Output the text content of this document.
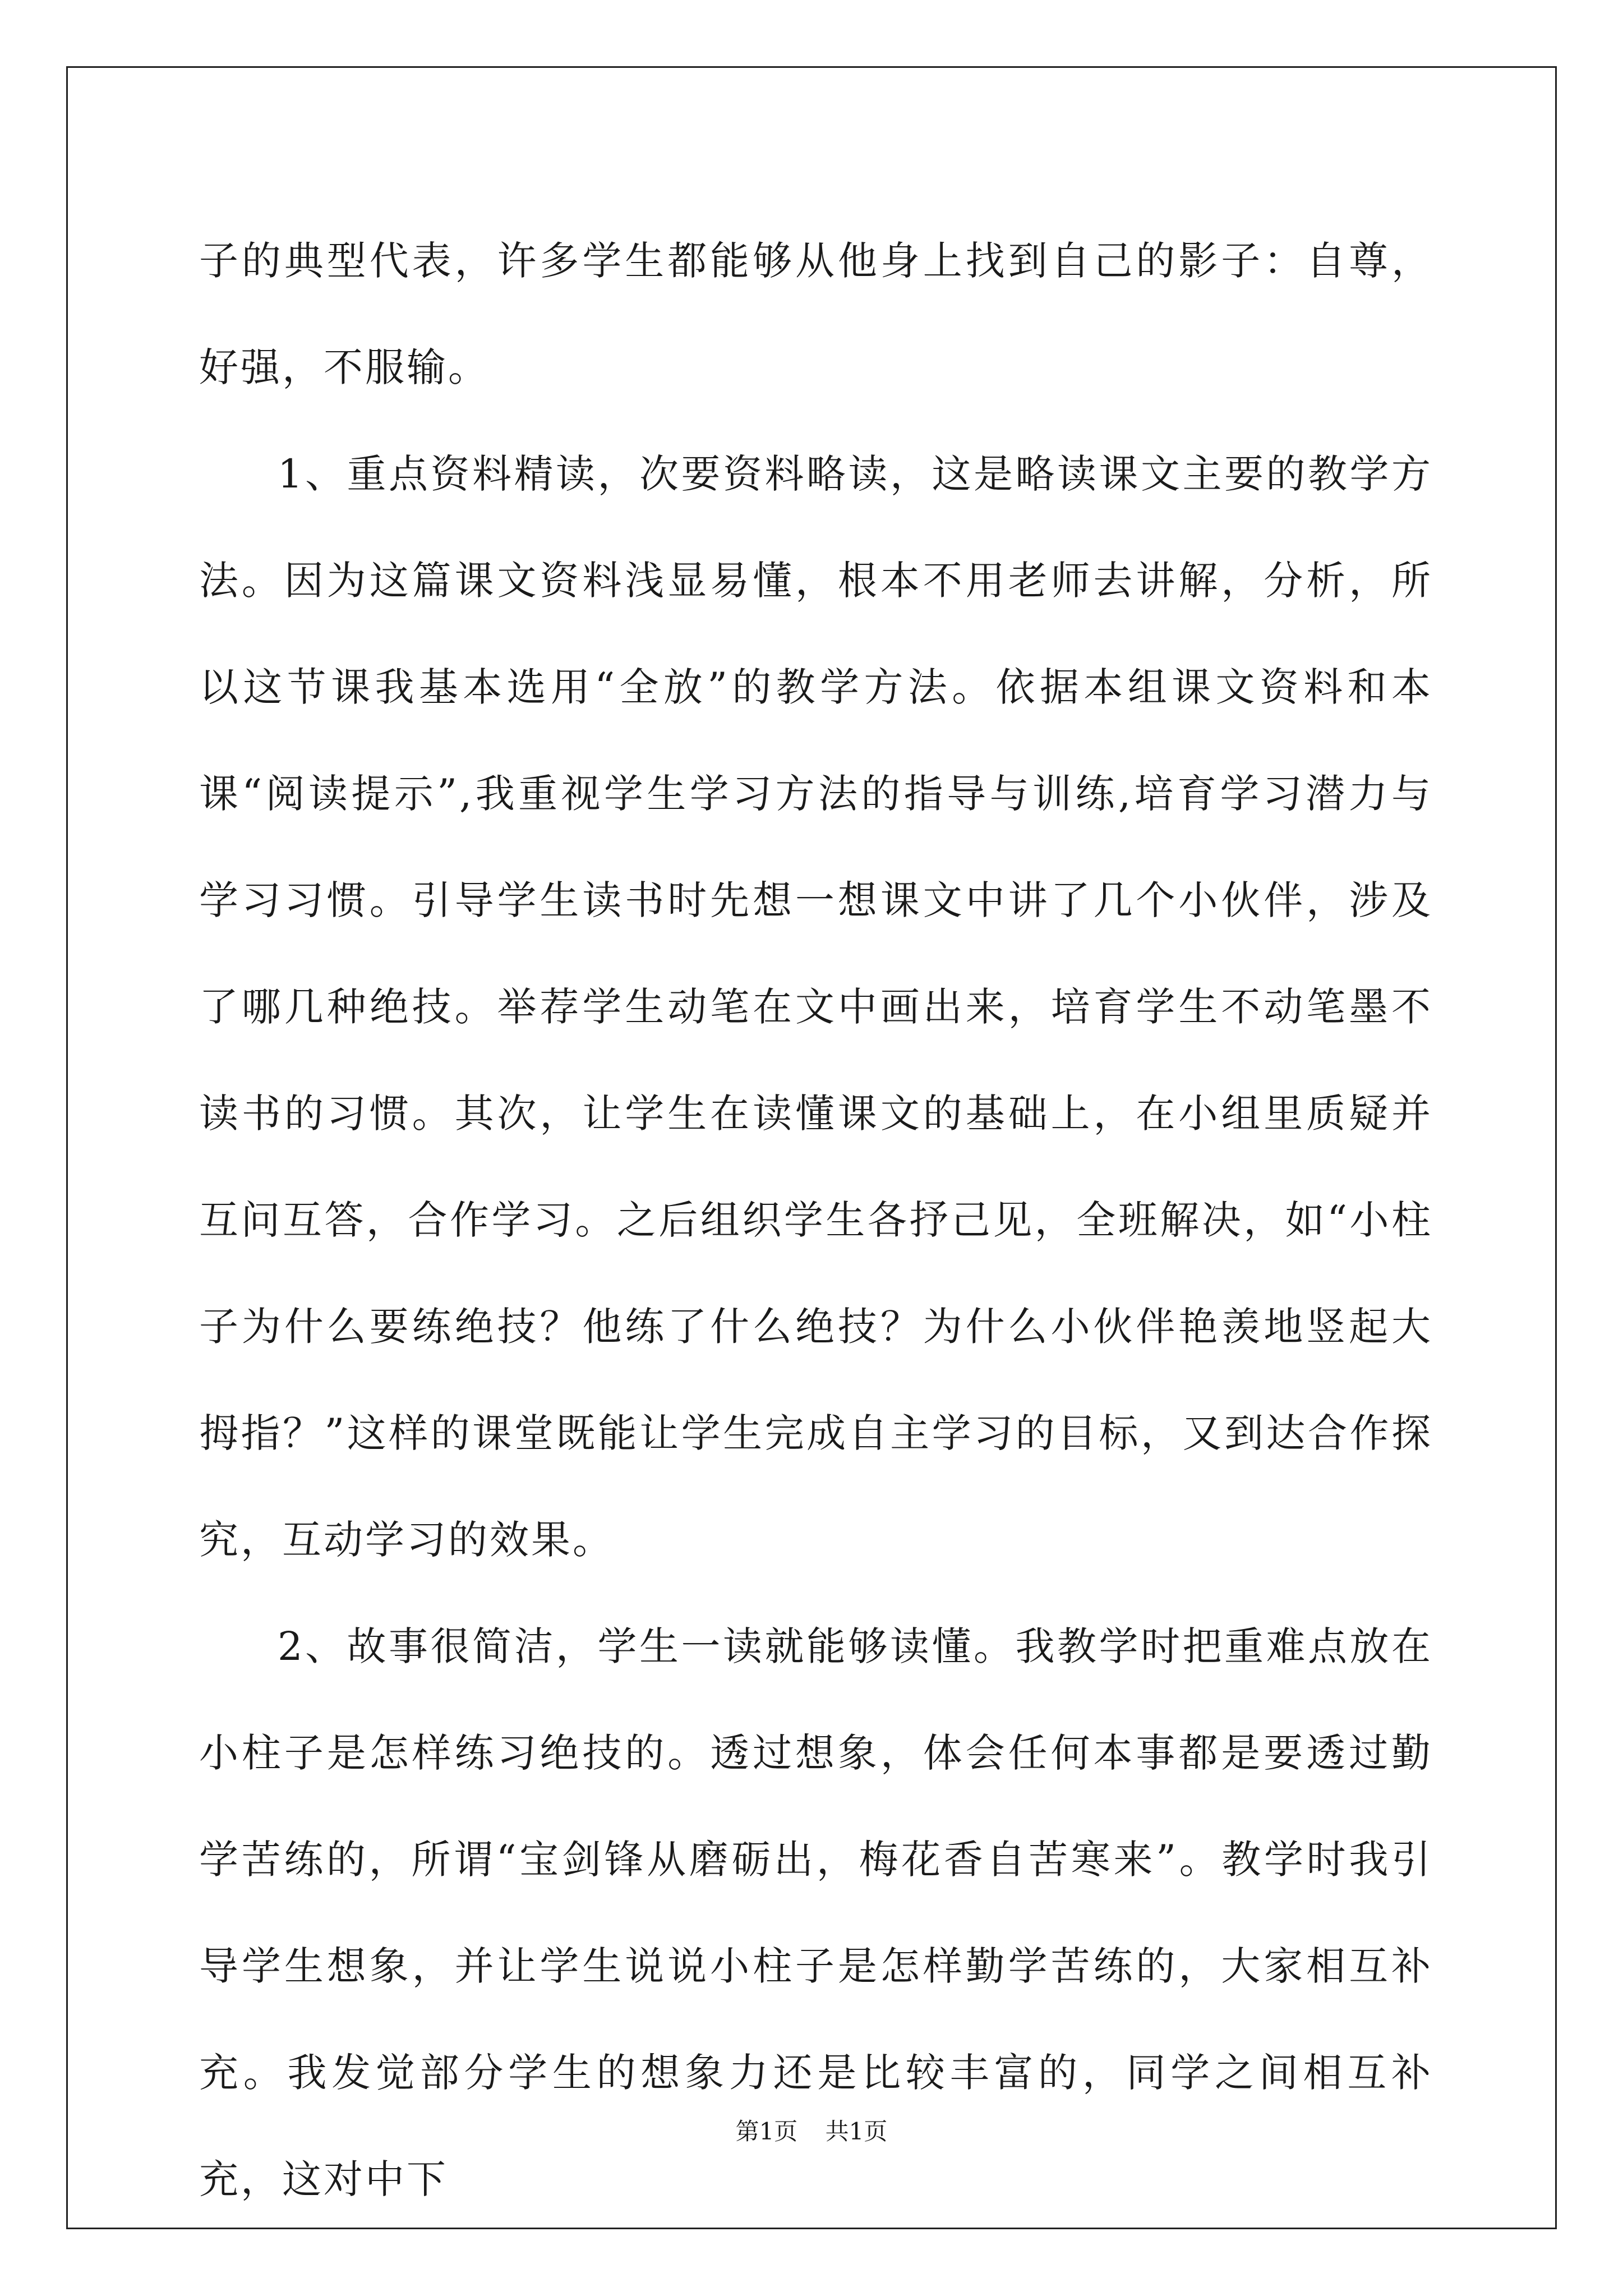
子的典型代表，许多学生都能够从他身上找到自己的影子：自尊，好强，不服输。

1、重点资料精读，次要资料略读，这是略读课文主要的教学方法。因为这篇课文资料浅显易懂，根本不用老师去讲解，分析，所以这节课我基本选用“全放”的教学方法。依据本组课文资料和本课“阅读提示”,我重视学生学习方法的指导与训练,培育学习潜力与学习习惯。引导学生读书时先想一想课文中讲了几个小伙伴，涉及了哪几种绝技。举荐学生动笔在文中画出来，培育学生不动笔墨不读书的习惯。其次，让学生在读懂课文的基础上，在小组里质疑并互问互答，合作学习。之后组织学生各抒己见，全班解决，如“小柱子为什么要练绝技？他练了什么绝技？为什么小伙伴艳羡地竖起大拇指？”这样的课堂既能让学生完成自主学习的目标，又到达合作探究，互动学习的效果。

2、故事很简洁，学生一读就能够读懂。我教学时把重难点放在小柱子是怎样练习绝技的。透过想象，体会任何本事都是要透过勤学苦练的，所谓“宝剑锋从磨砺出，梅花香自苦寒来”。教学时我引导学生想象，并让学生说说小柱子是怎样勤学苦练的，大家相互补充。我发觉部分学生的想象力还是比较丰富的，同学之间相互补充，这对中下

第1页 共1页
